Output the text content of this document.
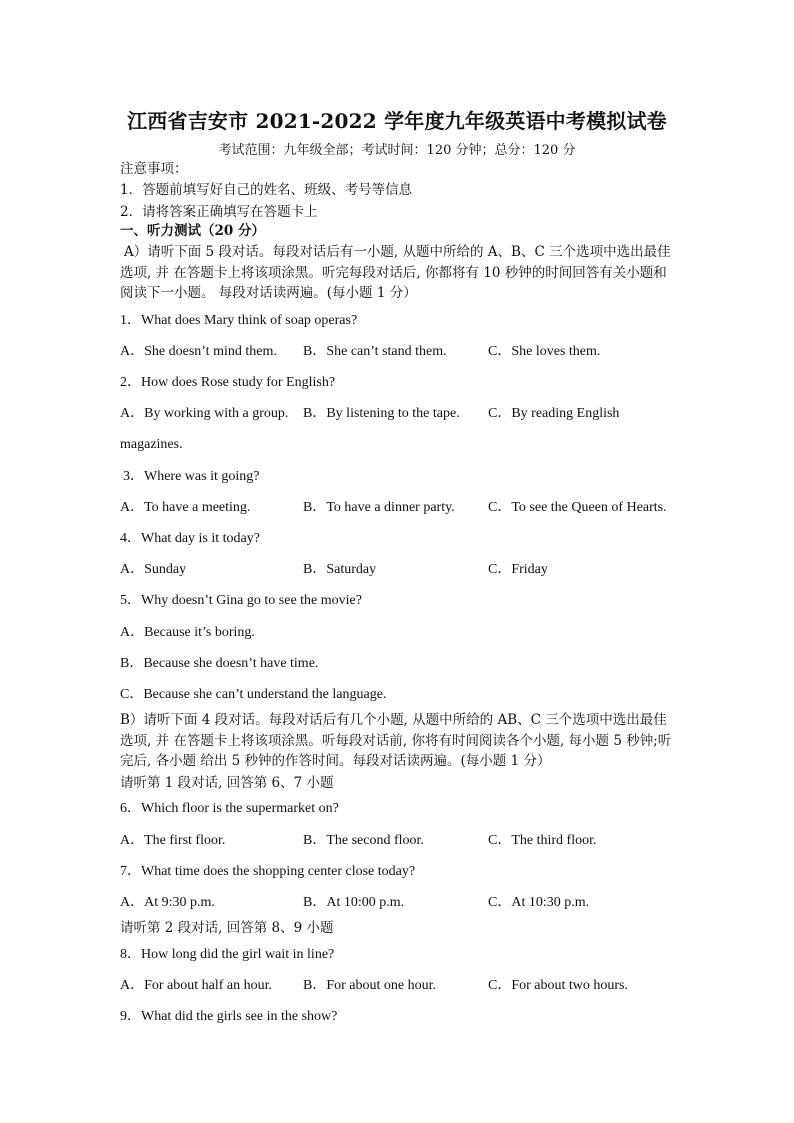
江西省吉安市 2021-2022 学年度九年级英语中考模拟试卷
考试范围：九年级全部；考试时间：120 分钟；总分：120 分
注意事项：
1．答题前填写好自己的姓名、班级、考号等信息
2．请将答案正确填写在答题卡上
一、听力测试（20 分）
A）请听下面 5 段对话。每段对话后有一小题, 从题中所给的 A、B、C 三个选项中选出最佳选项, 并 在答题卡上将该项涂黑。听完每段对话后, 你都将有 10 秒钟的时间回答有关小题和阅读下一小题。 每段对话读两遍。(每小题 1 分）
1．What does Mary think of soap operas?
A．She doesn’t mind them. B．She can’t stand them.	C．She loves them.
2．How does Rose study for English?
A．By working with a group. B．By listening to the tape. C．By reading English
magazines.
3．Where was it going?
A．To have a meeting.	B．To have a dinner party. C．To see the Queen of Hearts.
4．What day is it today?
A．Sunday	B．Saturday	C．Friday
5．Why doesn’t Gina go to see the movie?
A．Because it’s boring.
B．Because she doesn’t have time.
C．Because she can’t understand the language.
B）请听下面 4 段对话。每段对话后有几个小题, 从题中所给的 AB、C 三个选项中选出最佳选项, 并 在答题卡上将该项涂黑。听每段对话前, 你将有时间阅读各个小题, 每小题 5 秒钟;听完后, 各小题 给出 5 秒钟的作答时间。每段对话读两遍。(每小题 1 分）
请听第 1 段对话, 回答第 6、7 小题
6．Which floor is the supermarket on?
A．The first floor.	B．The second floor.	C．The third floor.
7．What time does the shopping center close today?
A．At 9:30 p.m.	B．At 10:00 p.m.	C．At 10:30 p.m.
请听第 2 段对话, 回答第 8、9 小题
8．How long did the girl wait in line?
A．For about half an hour. B．For about one hour.	C．For about two hours.
9．What did the girls see in the show?
